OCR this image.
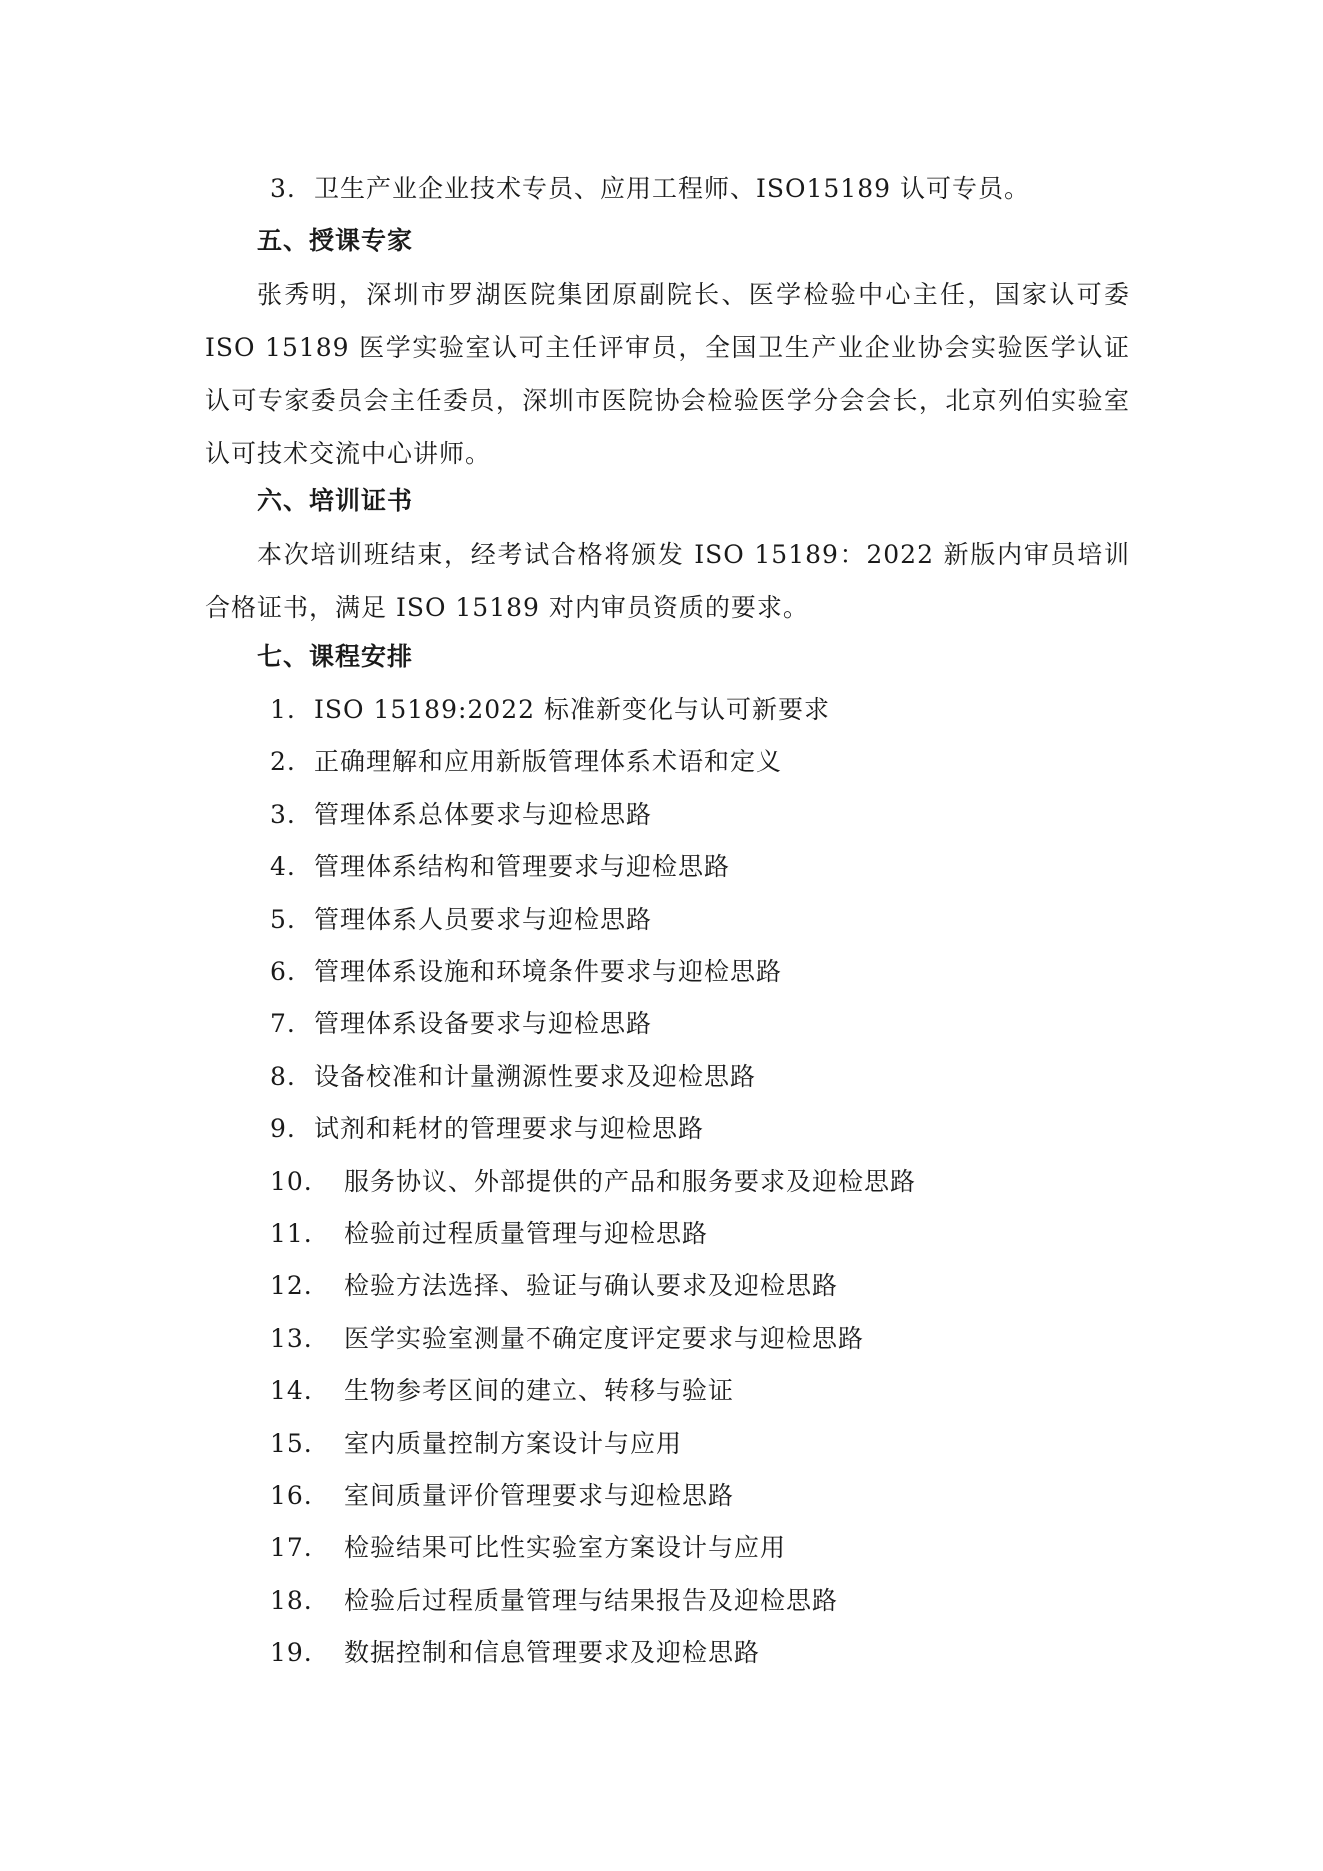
3. 卫生产业企业技术专员、应用工程师、ISO15189 认可专员。
五、授课专家
张秀明，深圳市罗湖医院集团原副院长、医学检验中心主任，国家认可委 ISO 15189 医学实验室认可主任评审员，全国卫生产业企业协会实验医学认证认可专家委员会主任委员，深圳市医院协会检验医学分会会长，北京列伯实验室认可技术交流中心讲师。
六、培训证书
本次培训班结束，经考试合格将颁发 ISO 15189：2022 新版内审员培训合格证书，满足 ISO 15189 对内审员资质的要求。
七、课程安排
1. ISO 15189:2022 标准新变化与认可新要求
2. 正确理解和应用新版管理体系术语和定义
3. 管理体系总体要求与迎检思路
4. 管理体系结构和管理要求与迎检思路
5. 管理体系人员要求与迎检思路
6. 管理体系设施和环境条件要求与迎检思路
7. 管理体系设备要求与迎检思路
8. 设备校准和计量溯源性要求及迎检思路
9. 试剂和耗材的管理要求与迎检思路
10. 服务协议、外部提供的产品和服务要求及迎检思路
11. 检验前过程质量管理与迎检思路
12. 检验方法选择、验证与确认要求及迎检思路
13. 医学实验室测量不确定度评定要求与迎检思路
14. 生物参考区间的建立、转移与验证
15. 室内质量控制方案设计与应用
16. 室间质量评价管理要求与迎检思路
17. 检验结果可比性实验室方案设计与应用
18. 检验后过程质量管理与结果报告及迎检思路
19. 数据控制和信息管理要求及迎检思路
